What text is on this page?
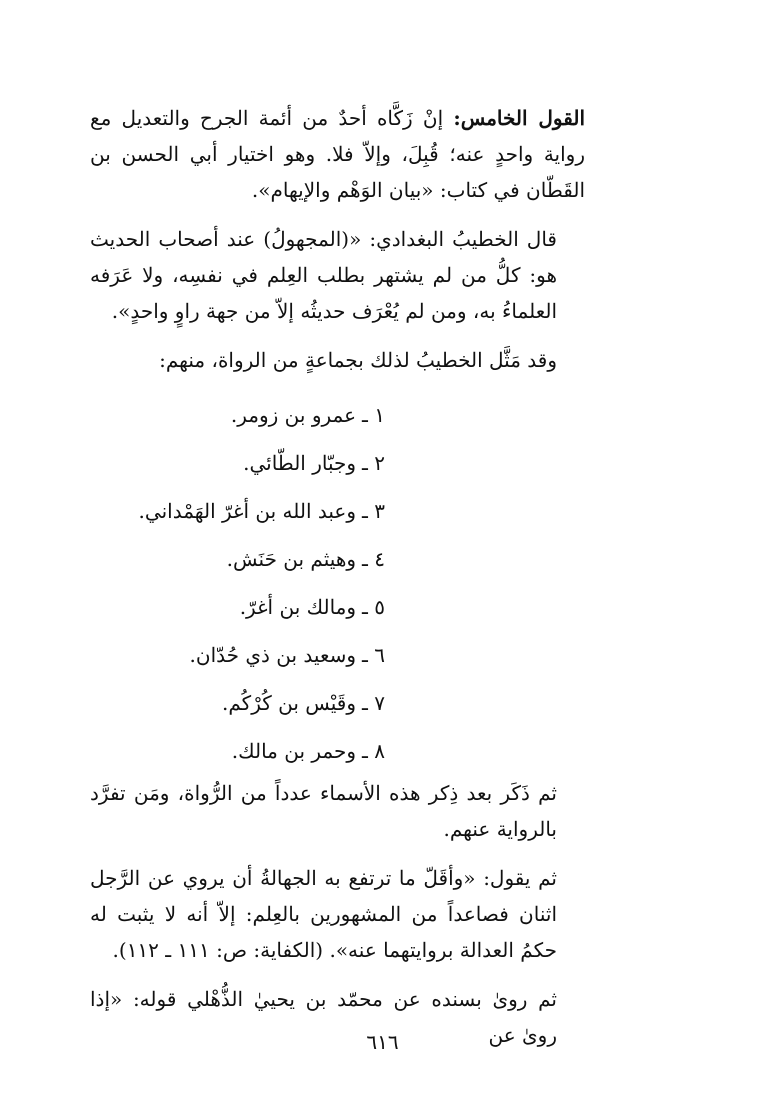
القول الخامس: إنْ زَكَّاه أحدٌ من أئمة الجرح والتعديل مع رواية واحدٍ عنه؛ قُبِلَ، وإلاّ فلا. وهو اختيار أبي الحسن بن القَطّان في كتاب: «بيان الوَهْم والإيهام».

قال الخطيبُ البغدادي: «(المجهولُ) عند أصحاب الحديث هو: كلُّ من لم يشتهر بطلب العِلم في نفسِه، ولا عَرَفه العلماءُ به، ومن لم يُعْرَف حديثُه إلاّ من جهة راوٍ واحدٍ».

وقد مَثَّل الخطيبُ لذلك بجماعةٍ من الرواة، منهم:

١ ـعمرو بن زومر.
٢ ـوجبّار الطّائي.
٣ ـوعبد الله بن أغرّ الهَمْداني.
٤ ـوهيثم بن حَنَش.
٥ ـومالك بن أغرّ.
٦ ـوسعيد بن ذي حُدّان.
٧ ـوقَيْس بن كُرْكُم.
٨ ـوحمر بن مالك.

ثم ذَكَر بعد ذِكر هذه الأسماء عدداً من الرُّواة، ومَن تفرَّد بالرواية عنهم.

ثم يقول: «وأقَلّ ما ترتفع به الجهالةُ أن يروي عن الرَّجل اثنان فصاعداً من المشهورين بالعِلم: إلاّ أنه لا يثبت له حكمُ العدالة بروايتهما عنه». (الكفاية: ص: ١١١ ـ ١١٢).

ثم روىٰ بسنده عن محمّد بن يحييٰ الذُّهْلي قوله: «إذا روىٰ عن

٦١٦
